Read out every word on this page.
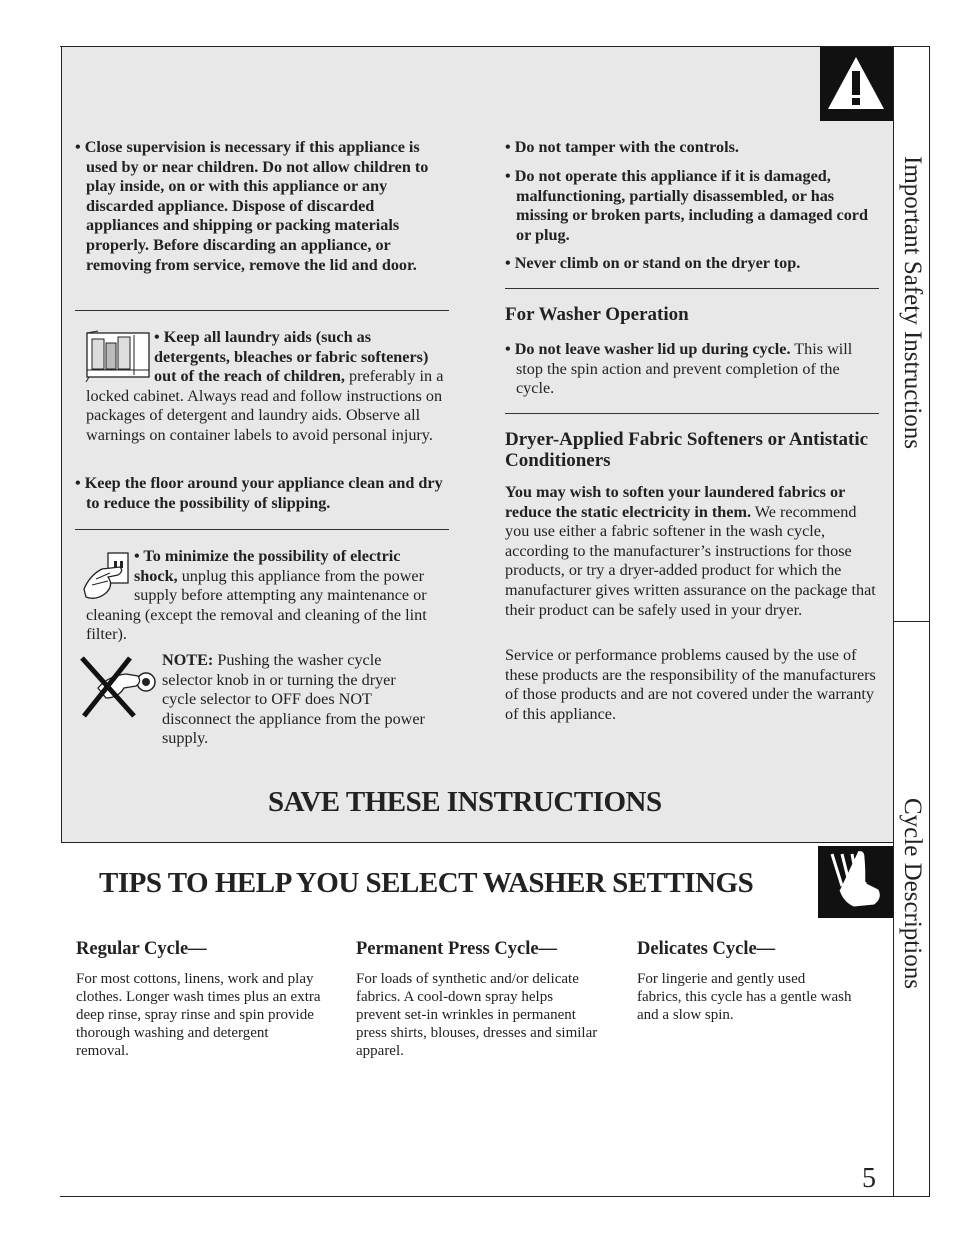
Important Safety Instructions
Cycle Descriptions
• Close supervision is necessary if this appliance is used by or near children. Do not allow children to play inside, on or with this appliance or any discarded appliance. Dispose of discarded appliances and shipping or packing materials properly. Before discarding an appliance, or removing from service, remove the lid and door.
• Keep all laundry aids (such as detergents, bleaches or fabric softeners) out of the reach of children, preferably in a locked cabinet. Always read and follow instructions on packages of detergent and laundry aids. Observe all warnings on container labels to avoid personal injury.
• Keep the floor around your appliance clean and dry to reduce the possibility of slipping.
• To minimize the possibility of electric shock, unplug this appliance from the power supply before attempting any maintenance or cleaning (except the removal and cleaning of the lint filter).
NOTE: Pushing the washer cycle selector knob in or turning the dryer cycle selector to OFF does NOT disconnect the appliance from the power supply.
• Do not tamper with the controls.
• Do not operate this appliance if it is damaged, malfunctioning, partially disassembled, or has missing or broken parts, including a damaged cord or plug.
• Never climb on or stand on the dryer top.
For Washer Operation
• Do not leave washer lid up during cycle. This will stop the spin action and prevent completion of the cycle.
Dryer-Applied Fabric Softeners or Antistatic Conditioners
You may wish to soften your laundered fabrics or reduce the static electricity in them. We recommend you use either a fabric softener in the wash cycle, according to the manufacturer’s instructions for those products, or try a dryer-added product for which the manufacturer gives written assurance on the package that their product can be safely used in your dryer.
Service or performance problems caused by the use of these products are the responsibility of the manufacturers of those products and are not covered under the warranty of this appliance.
SAVE THESE INSTRUCTIONS
TIPS TO HELP YOU SELECT WASHER SETTINGS
Regular Cycle—
For most cottons, linens, work and play clothes. Longer wash times plus an extra deep rinse, spray rinse and spin provide thorough washing and detergent removal.
Permanent Press Cycle—
For loads of synthetic and/or delicate fabrics. A cool-down spray helps prevent set-in wrinkles in permanent press shirts, blouses, dresses and similar apparel.
Delicates Cycle—
For lingerie and gently used fabrics, this cycle has a gentle wash and a slow spin.
5
